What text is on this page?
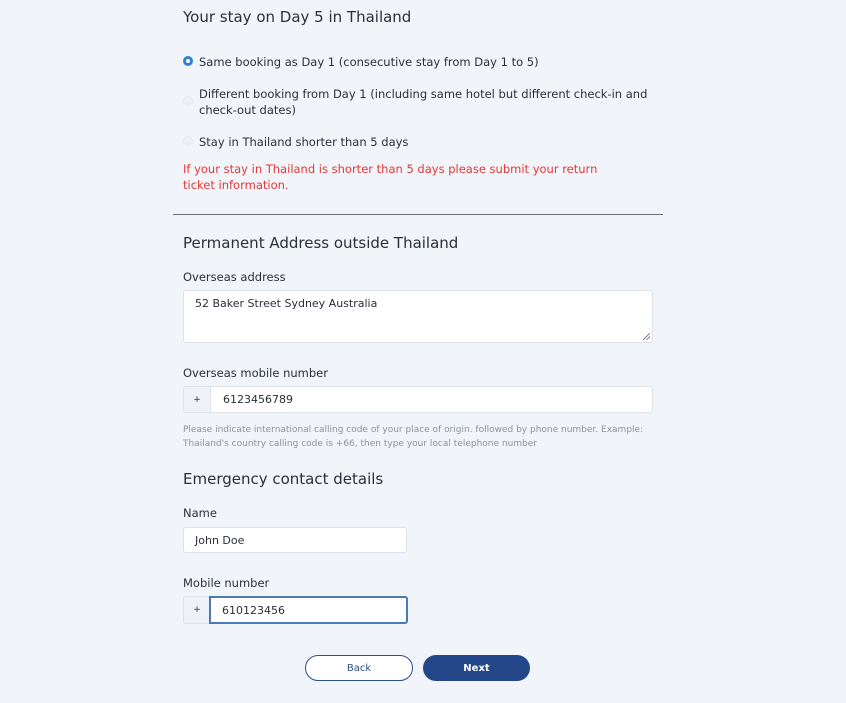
Your stay on Day 5 in Thailand
Same booking as Day 1 (consecutive stay from Day 1 to 5)
Different booking from Day 1 (including same hotel but different check-in and check-out dates)
Stay in Thailand shorter than 5 days
If your stay in Thailand is shorter than 5 days please submit your return ticket information.
Permanent Address outside Thailand
Overseas address
52 Baker Street Sydney Australia
Overseas mobile number
+	6123456789
Please indicate international calling code of your place of origin. followed by phone number. Example: Thailand's country calling code is +66, then type your local telephone number
Emergency contact details
Name
John Doe
Mobile number
+	610123456
Back	Next
